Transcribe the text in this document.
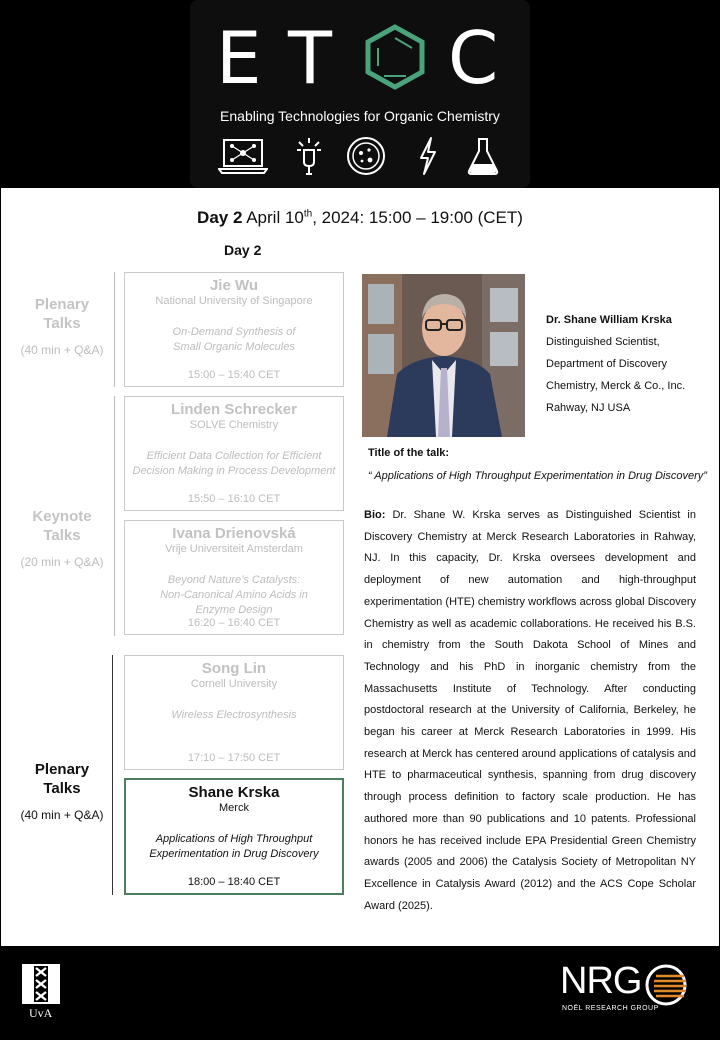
E T C
Enabling Technologies for Organic Chemistry
Day 2 April 10th, 2024: 15:00 – 19:00 (CET)
Day 2
Plenary
Talks
(40 min + Q&A)
Keynote
Talks
(20 min + Q&A)
Plenary
Talks
(40 min + Q&A)
Jie Wu
National University of Singapore
On-Demand Synthesis of
Small Organic Molecules
15:00 – 15:40 CET
Linden Schrecker
SOLVE Chemistry
Efficient Data Collection for Efficient
Decision Making in Process Development
15:50 – 16:10 CET
Ivana Drienovská
Vrije Universiteit Amsterdam
Beyond Nature’s Catalysts:
Non-Canonical Amino Acids in
Enzyme Design
16:20 – 16:40 CET
Song Lin
Cornell University
Wireless Electrosynthesis
17:10 – 17:50 CET
Shane Krska
Merck
Applications of High Throughput
Experimentation in Drug Discovery
18:00 – 18:40 CET
Dr. Shane William Krska
Distinguished Scientist,
Department of Discovery
Chemistry, Merck & Co., Inc.
Rahway, NJ USA
Title of the talk:
“ Applications of High Throughput Experimentation in Drug Discovery”
Bio: Dr. Shane W. Krska serves as Distinguished Scientist in Discovery Chemistry at Merck Research Laboratories in Rahway, NJ. In this capacity, Dr. Krska oversees development and deployment of new automation and high-throughput experimentation (HTE) chemistry workflows across global Discovery Chemistry as well as academic collaborations. He received his B.S. in chemistry from the South Dakota School of Mines and Technology and his PhD in inorganic chemistry from the Massachusetts Institute of Technology. After conducting postdoctoral research at the University of California, Berkeley, he began his career at Merck Research Laboratories in 1999. His research at Merck has centered around applications of catalysis and HTE to pharmaceutical synthesis, spanning from drug discovery through process definition to factory scale production. He has authored more than 90 publications and 10 patents. Professional honors he has received include EPA Presidential Green Chemistry awards (2005 and 2006) the Catalysis Society of Metropolitan NY Excellence in Catalysis Award (2012) and the ACS Cope Scholar Award (2025).
UvA
NRG
NOËL RESEARCH GROUP
